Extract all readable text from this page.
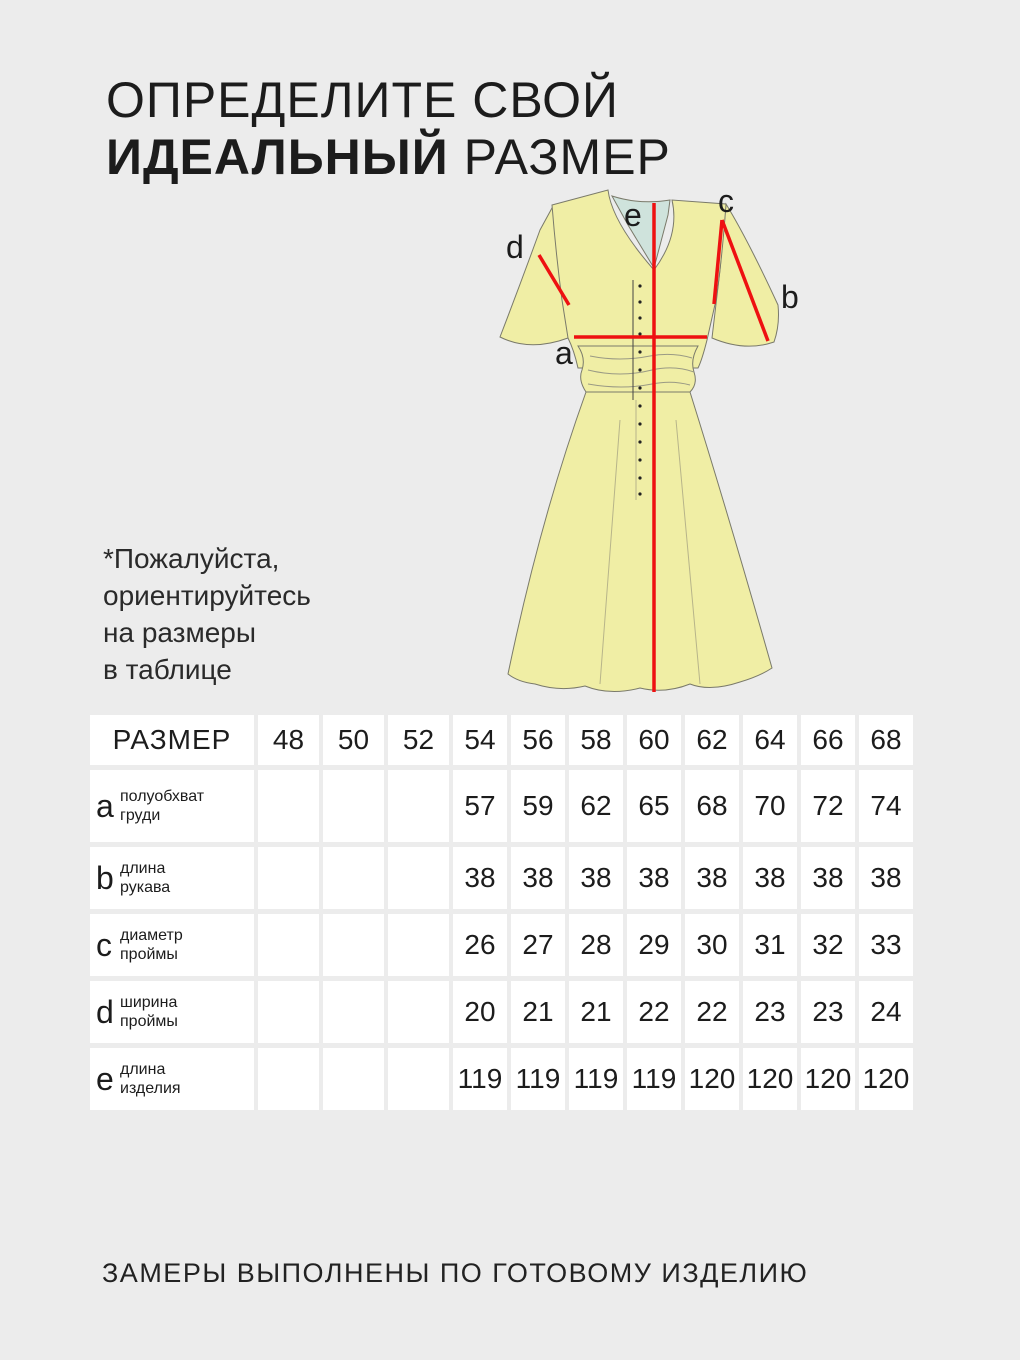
ОПРЕДЕЛИТЕ СВОЙ
ИДЕАЛЬНЫЙ РАЗМЕР
*Пожалуйста,
ориентируйтесь
на размеры
в таблице
e c
d
b
a
РАЗМЕР	48	50	52	54	56	58	60	62	64	66	68

a полуобхват
груди				57	59	62	65	68	70	72	74

b длина
рукава				38	38	38	38	38	38	38	38

c диаметр
проймы				26	27	28	29	30	31	32	33

d ширина
проймы				20	21	21	22	22	23	23	24

e длина
изделия				119	119	119	119	120	120	120	120
ЗАМЕРЫ ВЫПОЛНЕНЫ ПО ГОТОВОМУ ИЗДЕЛИЮ
